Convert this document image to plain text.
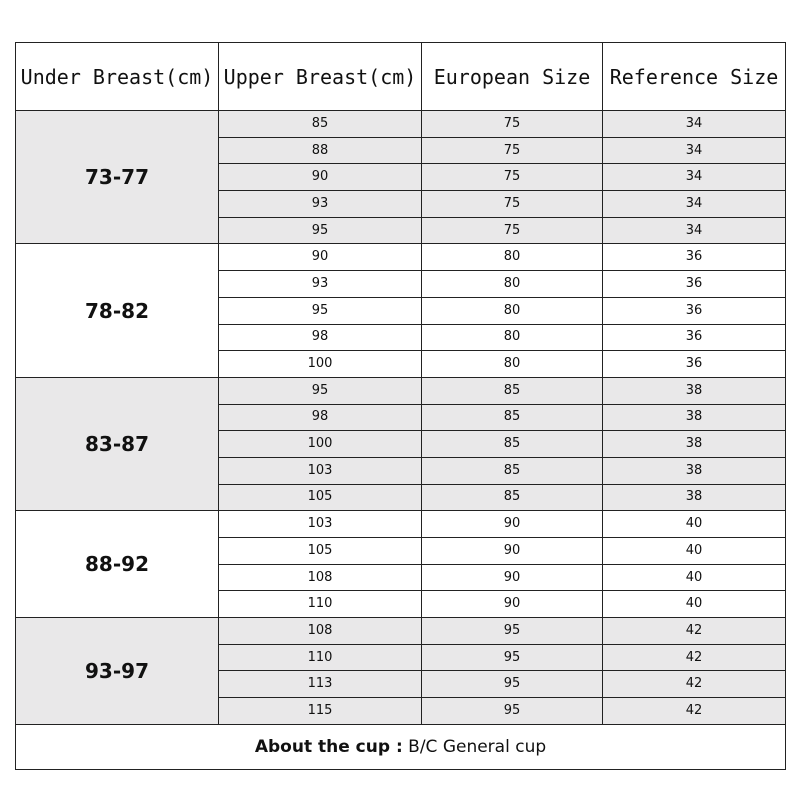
Under Breast(cm)	Upper Breast(cm)	European Size	Reference Size
73-77	85	75	34
	88	75	34
	90	75	34
	93	75	34
	95	75	34
78-82	90	80	36
	93	80	36
	95	80	36
	98	80	36
	100	80	36
83-87	95	85	38
	98	85	38
	100	85	38
	103	85	38
	105	85	38
88-92	103	90	40
	105	90	40
	108	90	40
	110	90	40
93-97	108	95	42
	110	95	42
	113	95	42
	115	95	42
About the cup : B/C General cup			
